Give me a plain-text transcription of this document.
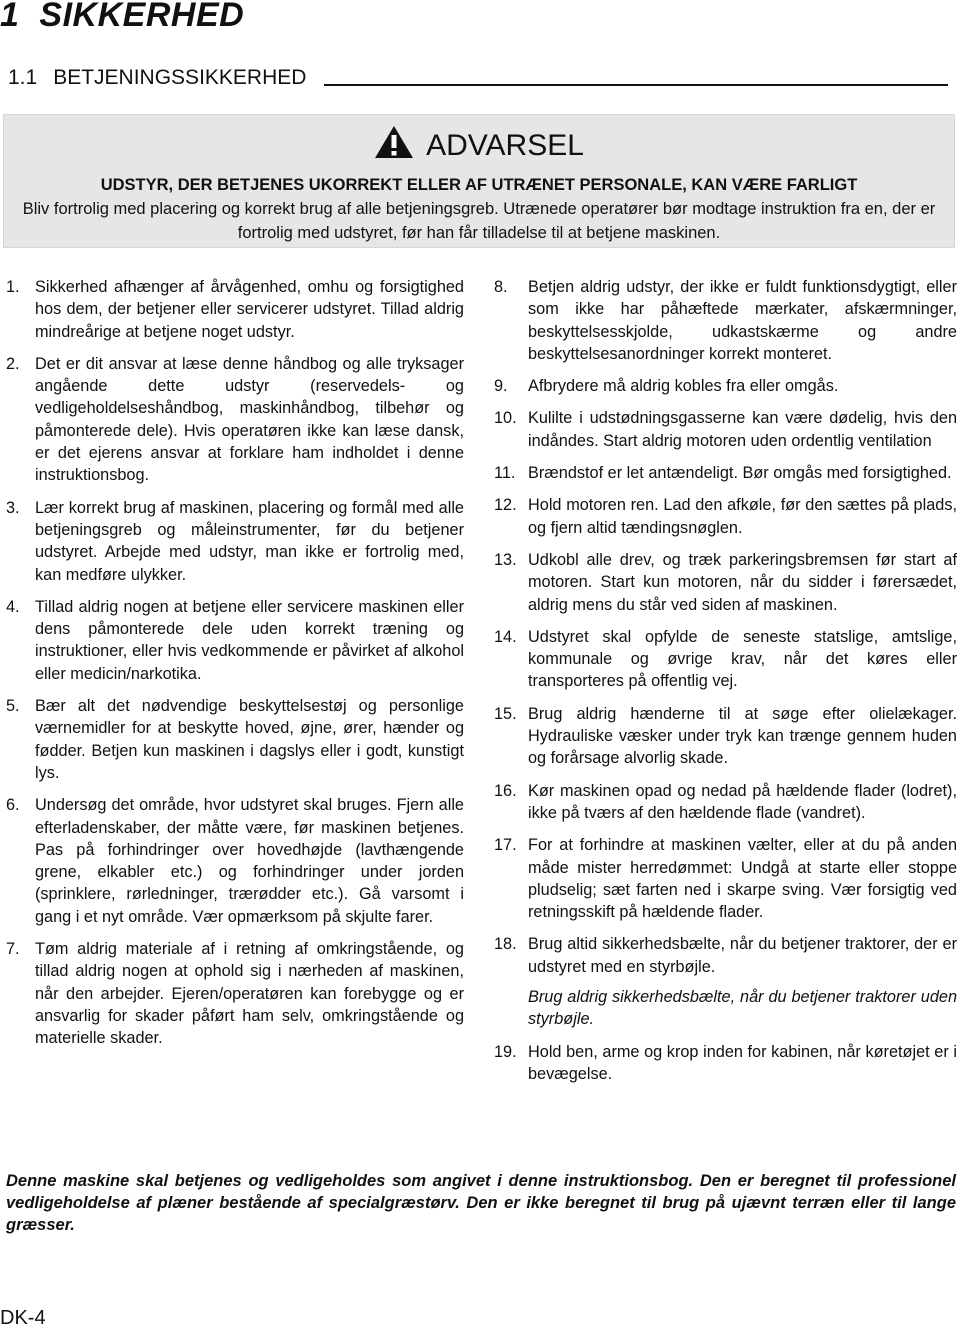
1 SIKKERHED
1.1 BETJENINGSSIKKERHED
ADVARSEL
UDSTYR, DER BETJENES UKORREKT ELLER AF UTRÆNET PERSONALE, KAN VÆRE FARLIGT
Bliv fortrolig med placering og korrekt brug af alle betjeningsgreb. Utrænede operatører bør modtage instruktion fra en, der er fortrolig med udstyret, før han får tilladelse til at betjene maskinen.
1. Sikkerhed afhænger af årvågenhed, omhu og forsigtighed hos dem, der betjener eller servicerer udstyret. Tillad aldrig mindreårige at betjene noget udstyr.

2. Det er dit ansvar at læse denne håndbog og alle tryksager angående dette udstyr (reservedels- og vedligeholdelseshåndbog, maskinhåndbog, tilbehør og påmonterede dele). Hvis operatøren ikke kan læse dansk, er det ejerens ansvar at forklare ham indholdet i denne instruktionsbog.

3. Lær korrekt brug af maskinen, placering og formål med alle betjeningsgreb og måleinstrumenter, før du betjener udstyret. Arbejde med udstyr, man ikke er fortrolig med, kan medføre ulykker.

4. Tillad aldrig nogen at betjene eller servicere maskinen eller dens påmonterede dele uden korrekt træning og instruktioner, eller hvis vedkommende er påvirket af alkohol eller medicin/narkotika.

5. Bær alt det nødvendige beskyttelsestøj og personlige værnemidler for at beskytte hoved, øjne, ører, hænder og fødder. Betjen kun maskinen i dagslys eller i godt, kunstigt lys.

6. Undersøg det område, hvor udstyret skal bruges. Fjern alle efterladenskaber, der måtte være, før maskinen betjenes. Pas på forhindringer over hovedhøjde (lavthængende grene, elkabler etc.) og forhindringer under jorden (sprinklere, rørledninger, trærødder etc.). Gå varsomt i gang i et nyt område. Vær opmærksom på skjulte farer.

7. Tøm aldrig materiale af i retning af omkringstående, og tillad aldrig nogen at ophold sig i nærheden af maskinen, når den arbejder. Ejeren/operatøren kan forebygge og er ansvarlig for skader påført ham selv, omkringstående og materielle skader.

8.	Betjen aldrig udstyr, der ikke er fuldt funktionsdygtigt, eller som ikke har påhæftede mærkater, afskærmninger, beskyttelsesskjolde, udkastskærme og andre beskyttelsesanordninger korrekt monteret.

9.	Afbrydere må aldrig kobles fra eller omgås.

10. Kulilte i udstødningsgasserne kan være dødelig, hvis den indåndes. Start aldrig motoren uden ordentlig ventilation

11. Brændstof er let antændeligt. Bør omgås med forsigtighed.

12. Hold motoren ren. Lad den afkøle, før den sættes på plads, og fjern altid tændingsnøglen.

13. Udkobl alle drev, og træk parkeringsbremsen før start af motoren. Start kun motoren, når du sidder i førersædet, aldrig mens du står ved siden af maskinen.

14. Udstyret skal opfylde de seneste statslige, amtslige, kommunale og øvrige krav, når det køres eller transporteres på offentlig vej.

15. Brug aldrig hænderne til at søge efter olielækager. Hydrauliske væsker under tryk kan trænge gennem huden og forårsage alvorlig skade.

16. Kør maskinen opad og nedad på hældende flader (lodret), ikke på tværs af den hældende flade (vandret).

17. For at forhindre at maskinen vælter, eller at du på anden måde mister herredømmet: Undgå at starte eller stoppe pludselig; sæt farten ned i skarpe sving. Vær forsigtig ved retningsskift på hældende flader.

18. Brug altid sikkerhedsbælte, når du betjener traktorer, der er udstyret med en styrbøjle.

Brug aldrig sikkerhedsbælte, når du betjener traktorer uden styrbøjle.

19. Hold ben, arme og krop inden for kabinen, når køretøjet er i bevægelse.

Denne maskine skal betjenes og vedligeholdes som angivet i denne instruktionsbog. Den er beregnet til professionel vedligeholdelse af plæner bestående af specialgræstørv. Den er ikke beregnet til brug på ujævnt terræn eller til lange græsser.

DK-4
